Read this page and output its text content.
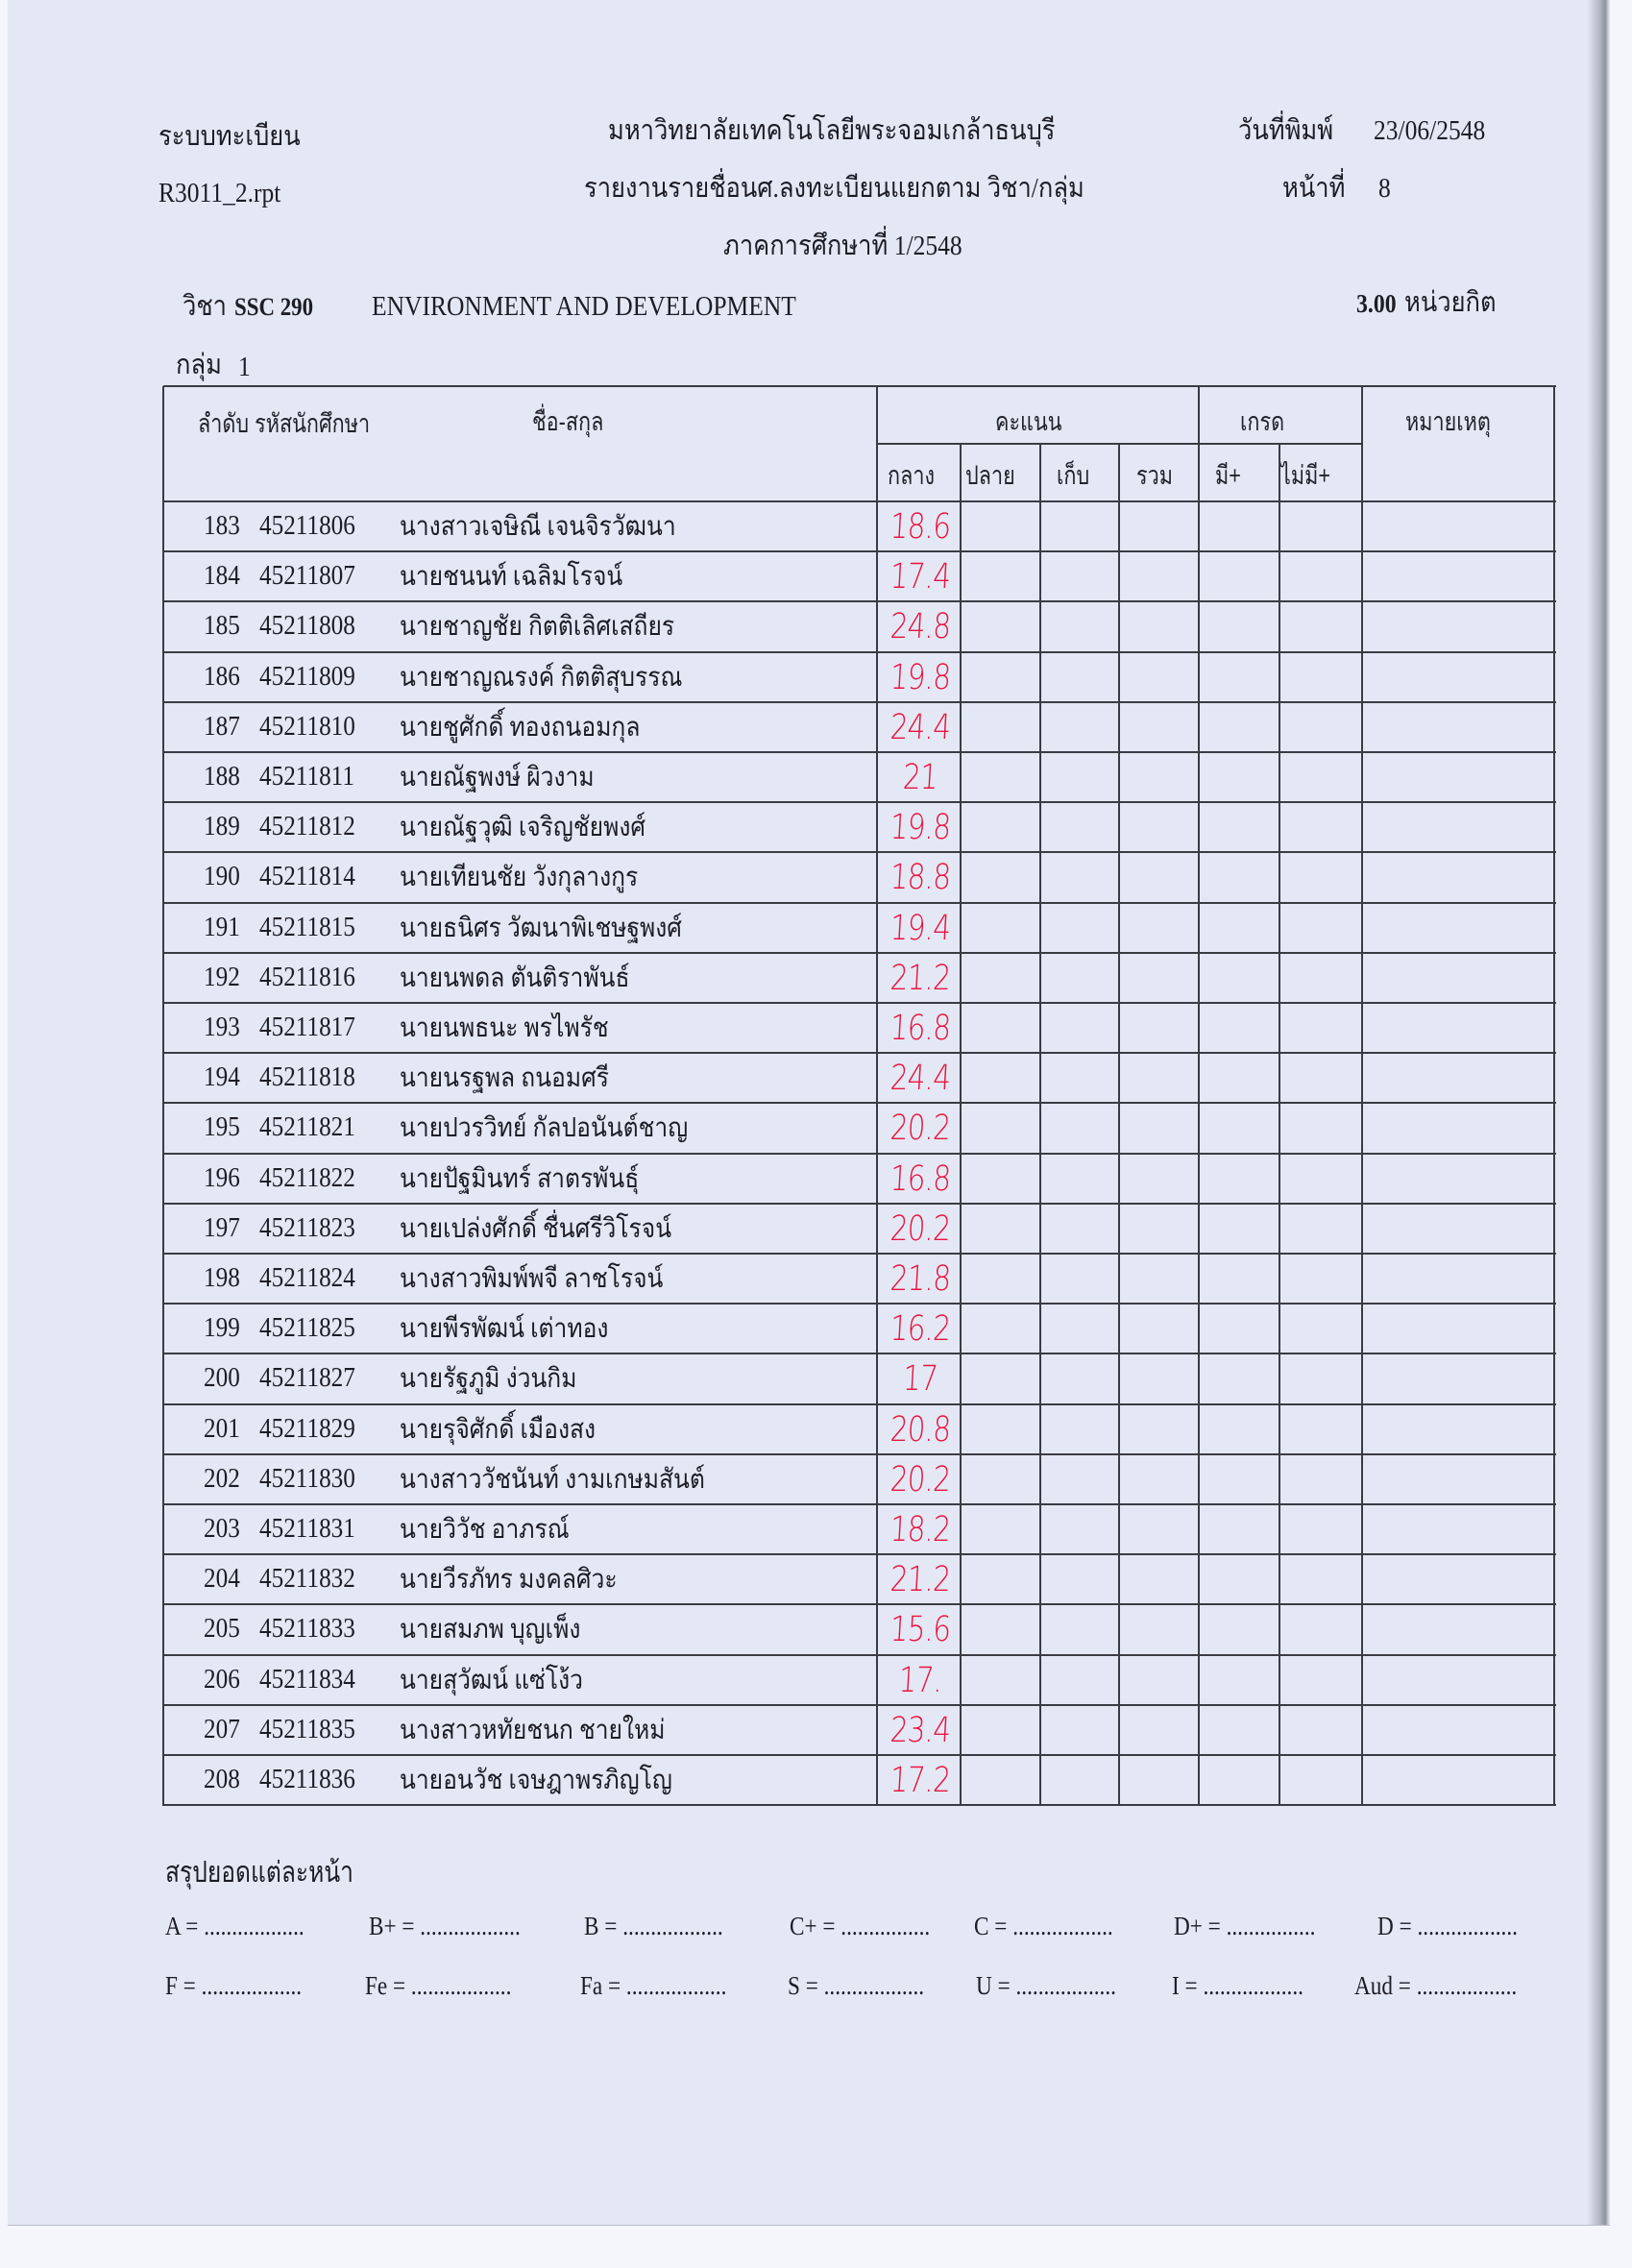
ระบบทะเบียน
R3011_2.rpt
มหาวิทยาลัยเทคโนโลยีพระจอมเกล้าธนบุรี
รายงานรายชื่อนศ.ลงทะเบียนแยกตาม วิชา/กลุ่ม
ภาคการศึกษาที่ 1/2548
วันที่พิมพ์ 23/06/2548
หน้าที่ 8
วิชา SSC 290 ENVIRONMENT AND DEVELOPMENT	3.00 หน่วยกิต
กลุ่ม 1
ลำดับ รหัสนักศึกษา	ชื่อ-สกุล	คะแนน	เกรด	หมายเหตุ
กลาง ปลาย เก็บ รวม มี+ ไม่มี+
183 45211806	นางสาวเจษิณี เจนจิรวัฒนา	18.6
184 45211807	นายชนนท์ เฉลิมโรจน์	17.4
185 45211808	นายชาญชัย กิตติเลิศเสถียร	24.8
186 45211809	นายชาญณรงค์ กิตติสุบรรณ	19.8
187 45211810	นายชูศักดิ์ ทองถนอมกุล	24.4
188 45211811	นายณัฐพงษ์ ผิวงาม	21
189 45211812	นายณัฐวุฒิ เจริญชัยพงศ์	19.8
190 45211814	นายเทียนชัย วังกุลางกูร	18.8
191 45211815	นายธนิศร วัฒนาพิเชษฐพงศ์	19.4
192 45211816	นายนพดล ตันติราพันธ์	21.2
193 45211817	นายนพธนะ พรไพรัช	16.8
194 45211818	นายนรฐพล ถนอมศรี	24.4
195 45211821	นายปวรวิทย์ กัลปอนันต์ชาญ	20.2
196 45211822	นายปัฐมินทร์ สาตรพันธุ์	16.8
197 45211823	นายเปล่งศักดิ์ ชื่นศรีวิโรจน์	20.2
198 45211824	นางสาวพิมพ์พจี ลาชโรจน์	21.8
199 45211825	นายพีรพัฒน์ เต่าทอง	16.2
200 45211827	นายรัฐภูมิ ง่วนกิม	17
201 45211829	นายรุจิศักดิ์ เมืองสง	20.8
202 45211830	นางสาววัชนันท์ งามเกษมสันต์	20.2
203 45211831	นายวิวัช อาภรณ์	18.2
204 45211832	นายวีรภัทร มงคลศิวะ	21.2
205 45211833	นายสมภพ บุญเพ็ง	15.6
206 45211834	นายสุวัฒน์ แซ่โง้ว	17.
207 45211835	นางสาวหทัยชนก ชายใหม่	23.4
208 45211836	นายอนวัช เจษฎาพรภิญโญ	17.2
สรุปยอดแต่ละหน้า
A = .................. B+ = .................. B = ..................	C+ = ................ C = .................. D+ = ................ D = ..................
F = .................. Fe = ..................	Fa = .................. S = .................. U = .................. I = .................. Aud = ..................
